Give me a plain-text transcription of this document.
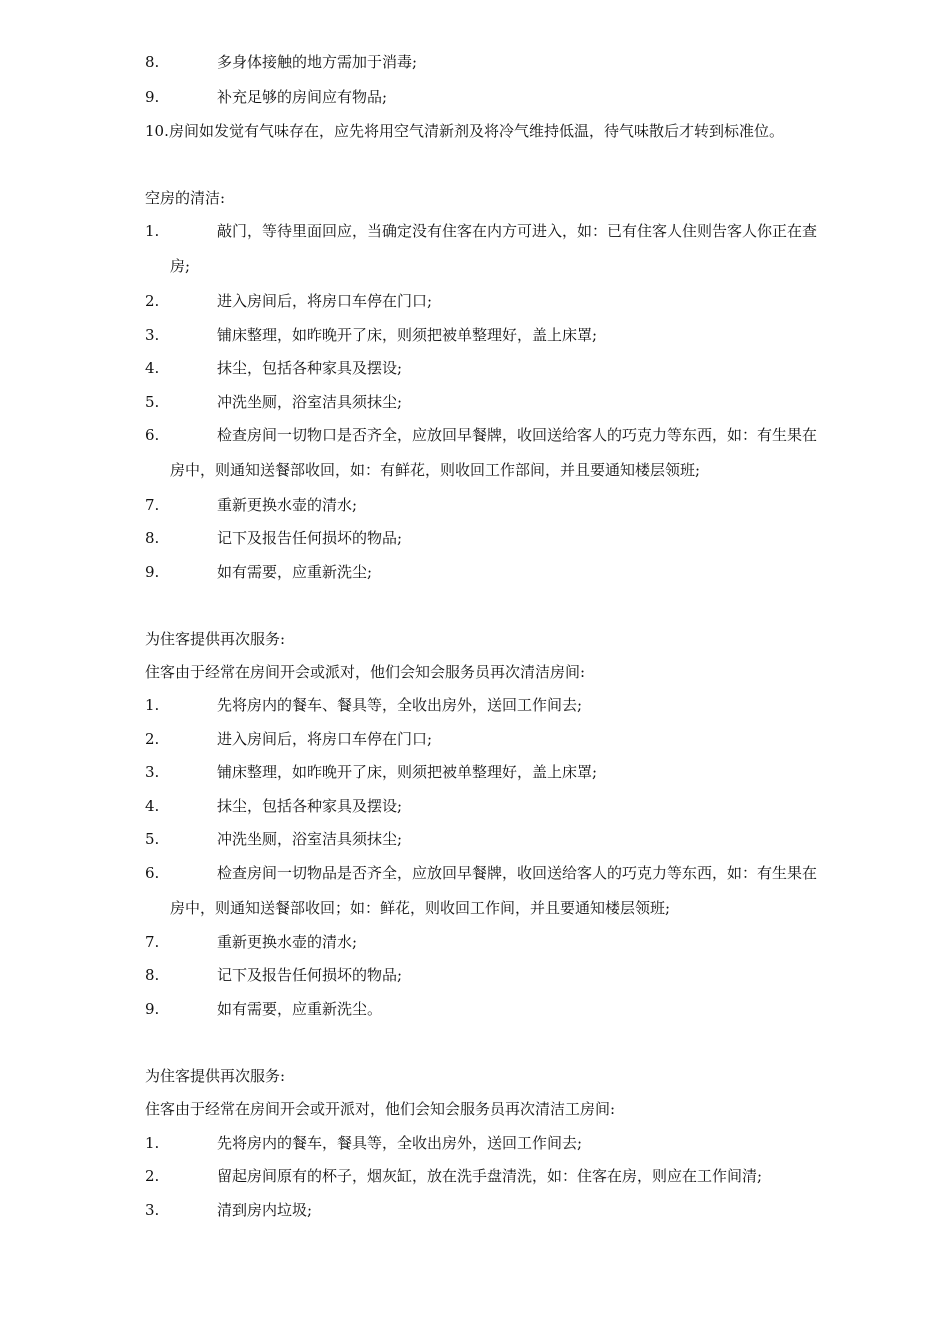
8.	多身体接触的地方需加于消毒;
9.	补充足够的房间应有物品;
10.房间如发觉有气味存在，应先将用空气清新剂及将冷气维持低温，待气味散后才转到标准位。
空房的清洁:
1.	敲门，等待里面回应，当确定没有住客在内方可进入，如：已有住客人住则告客人你正在查
房;
2.	进入房间后，将房口车停在门口;
3.	铺床整理，如昨晚开了床，则须把被单整理好，盖上床罩;
4.	抹尘，包括各种家具及摆设;
5.	冲洗坐厕，浴室洁具须抹尘;
6.	检查房间一切物口是否齐全，应放回早餐牌，收回送给客人的巧克力等东西，如：有生果在
房中，则通知送餐部收回，如：有鲜花，则收回工作部间，并且要通知楼层领班;
7.	重新更换水壶的清水;
8.	记下及报告任何损坏的物品;
9.	如有需要，应重新洗尘;
为住客提供再次服务:
住客由于经常在房间开会或派对，他们会知会服务员再次清洁房间:
1.	先将房内的餐车、餐具等，全收出房外，送回工作间去;
2.	进入房间后，将房口车停在门口;
3.	铺床整理，如昨晚开了床，则须把被单整理好，盖上床罩;
4.	抹尘，包括各种家具及摆设;
5.	冲洗坐厕，浴室洁具须抹尘;
6.	检查房间一切物品是否齐全，应放回早餐牌，收回送给客人的巧克力等东西，如：有生果在
房中，则通知送餐部收回；如：鲜花，则收回工作间，并且要通知楼层领班;
7.	重新更换水壶的清水;
8.	记下及报告任何损坏的物品;
9.	如有需要，应重新洗尘。
为住客提供再次服务:
住客由于经常在房间开会或开派对，他们会知会服务员再次清洁工房间:
1.	先将房内的餐车，餐具等，全收出房外，送回工作间去;
2.	留起房间原有的杯子，烟灰缸，放在洗手盘清洗，如：住客在房，则应在工作间清;
3.	清到房内垃圾;
